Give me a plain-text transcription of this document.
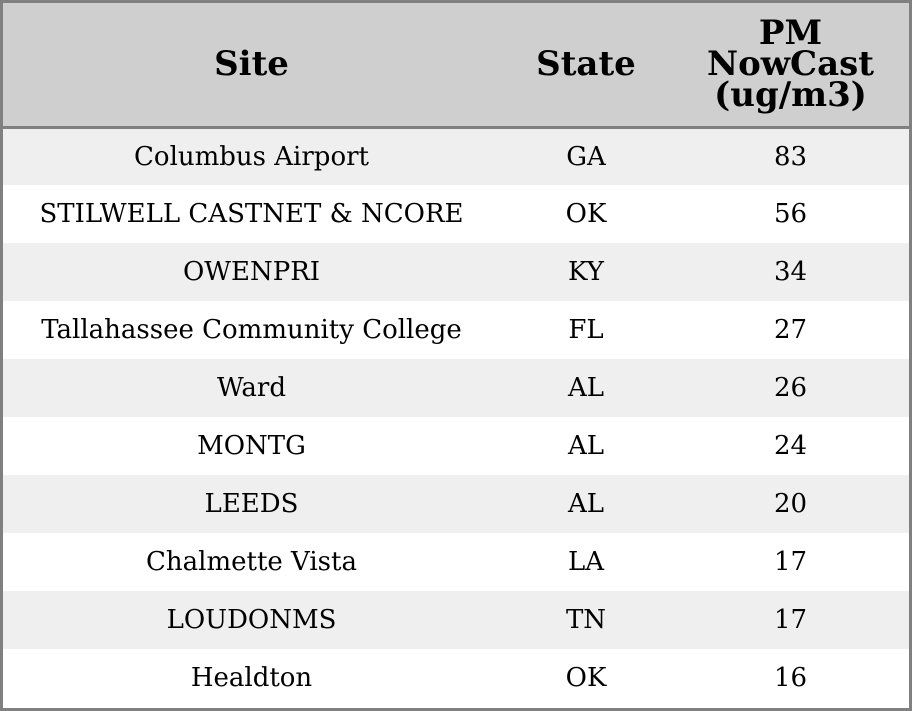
Site	State	PM
NowCast
(ug/m3)

Columbus Airport	GA	83
STILWELL CASTNET & NCORE	OK	56
OWENPRI	KY	34
Tallahassee Community College	FL	27
Ward	AL	26
MONTG	AL	24
LEEDS	AL	20
Chalmette Vista	LA	17
LOUDONMS	TN	17
Healdton	OK	16
